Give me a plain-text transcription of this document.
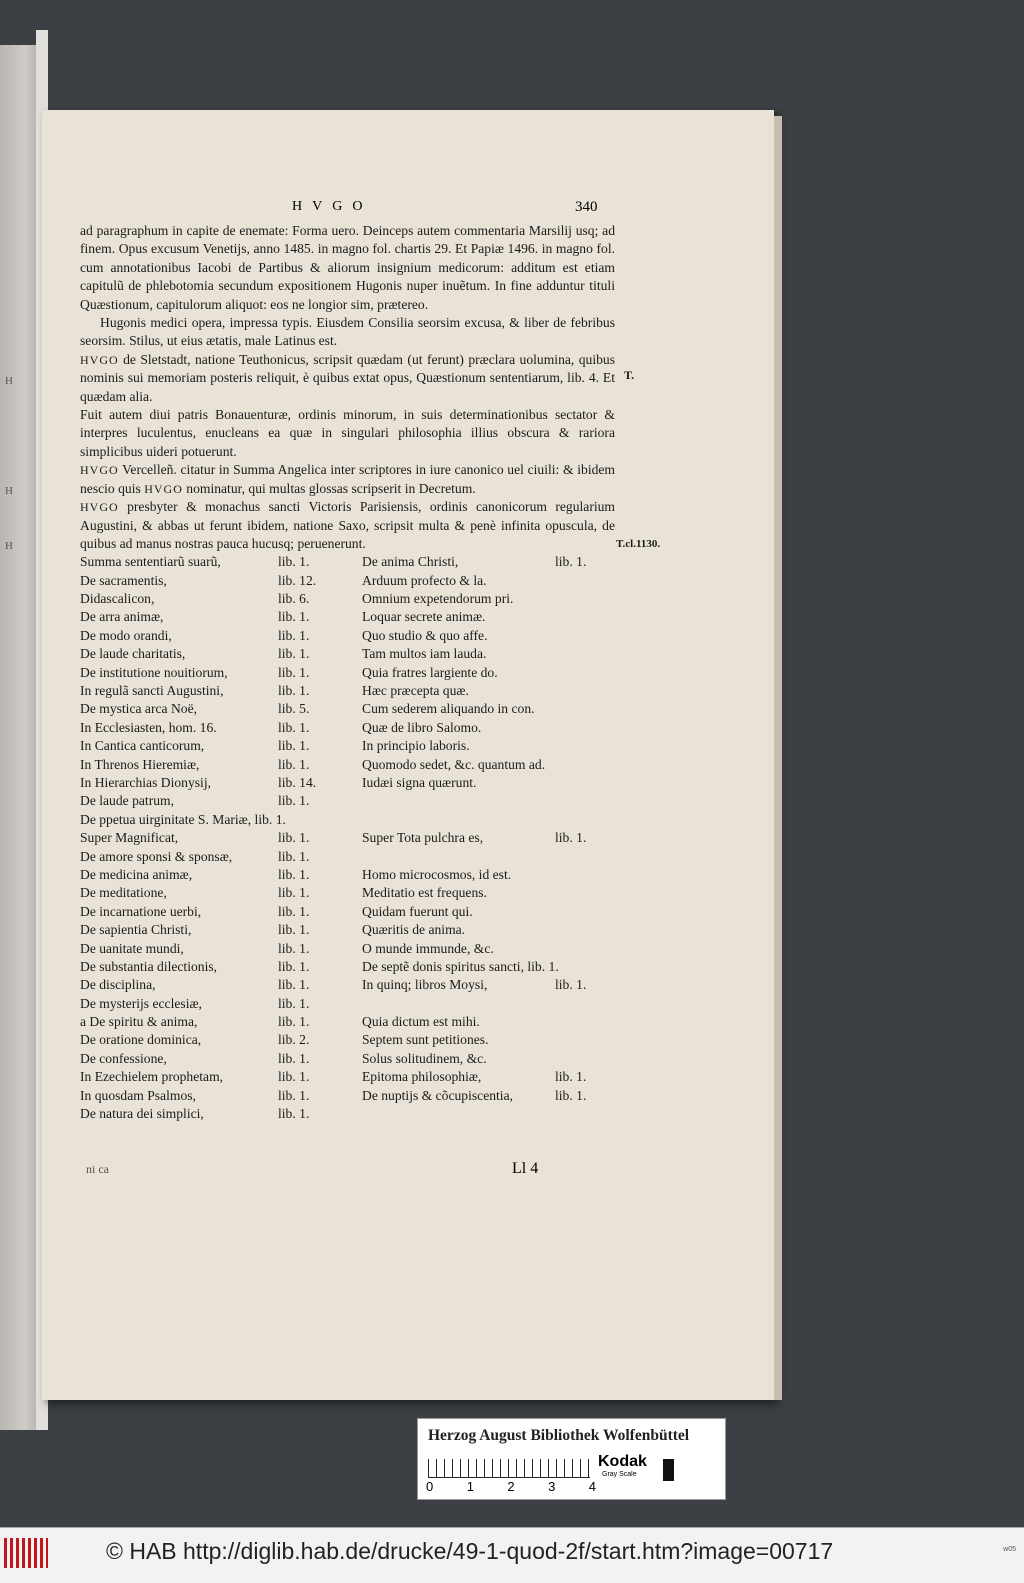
H
H
H
HVGO	340
T.
T.cl.1130.

ad paragraphum in capite de enemate: Forma uero. Deinceps autem commentaria Marsilij usq; ad finem. Opus excusum Venetijs, anno 1485. in magno fol. chartis 29. Et Papiæ 1496. in magno fol. cum annotationibus Iacobi de Partibus & aliorum insignium medicorum: additum est etiam capitulũ de phlebotomia secundum expositionem Hugonis nuper inuẽtum. In fine adduntur tituli Quæstionum, capitulorum aliquot: eos ne longior sim, prætereo.

Hugonis medici opera, impressa typis. Eiusdem Consilia seorsim excusa, & liber de febribus seorsim. Stilus, ut eius ætatis, male Latinus est.

HVGO de Sletstadt, natione Teuthonicus, scripsit quædam (ut ferunt) præclara uolumina, quibus nominis sui memoriam posteris reliquit, è quibus extat opus, Quæstionum sententiarum, lib. 4. Et quædam alia.

Fuit autem diui patris Bonauenturæ, ordinis minorum, in suis determinationibus sectator & interpres luculentus, enucleans ea quæ in singulari philosophia illius obscura & rariora simplicibus uideri potuerunt.

HVGO Vercelleñ. citatur in Summa Angelica inter scriptores in iure canonico uel ciuili: & ibidem nescio quis HVGO nominatur, qui multas glossas scripserit in Decretum.

HVGO presbyter & monachus sancti Victoris Parisiensis, ordinis canonicorum regularium Augustini, & abbas ut ferunt ibidem, natione Saxo, scripsit multa & penè infinita opuscula, de quibus ad manus nostras pauca hucusq; peruenerunt.

Summa sententiarũ suarũ,	lib. 1.	De anima Christi,	lib. 1.
De sacramentis,	lib. 12.	Arduum profecto & la.
Didascalicon,	lib. 6.	Omnium expetendorum pri.
De arra animæ,	lib. 1.	Loquar secrete animæ.
De modo orandi,	lib. 1.	Quo studio & quo affe.
De laude charitatis,	lib. 1.	Tam multos iam lauda.
De institutione nouitiorum,	lib. 1.	Quia fratres largiente do.
In regulã sancti Augustini,	lib. 1.	Hæc præcepta quæ.
De mystica arca Noë,	lib. 5.	Cum sederem aliquando in con.
In Ecclesiasten, hom. 16.	lib. 1.	Quæ de libro Salomo.
In Cantica canticorum,	lib. 1.	In principio laboris.
In Threnos Hieremiæ,	lib. 1.	Quomodo sedet, &c. quantum ad.
In Hierarchias Dionysij,	lib. 14.	Iudæi signa quærunt.
De laude patrum,	lib. 1.
De ppetua uirginitate S. Mariæ, lib. 1.
Super Magnificat,	lib. 1.	Super Tota pulchra es,	lib. 1.
De amore sponsi & sponsæ,	lib. 1.
De medicina animæ,	lib. 1.	Homo microcosmos, id est.
De meditatione,	lib. 1.	Meditatio est frequens.
De incarnatione uerbi,	lib. 1.	Quidam fuerunt qui.
De sapientia Christi,	lib. 1.	Quæritis de anima.
De uanitate mundi,	lib. 1.	O munde immunde, &c.
De substantia dilectionis,	lib. 1.	De septẽ donis spiritus sancti, lib. 1.
De disciplina,	lib. 1.	In quinq; libros Moysi,	lib. 1.
De mysterijs ecclesiæ,	lib. 1.
a De spiritu & anima,	lib. 1.	Quia dictum est mihi.
De oratione dominica,	lib. 2.	Septem sunt petitiones.
De confessione,	lib. 1.	Solus solitudinem, &c.
In Ezechielem prophetam,	lib. 1.	Epitoma philosophiæ,	lib. 1.
In quosdam Psalmos,	lib. 1.	De nuptijs & cõcupiscentia,	lib. 1.
De natura dei simplici,	lib. 1.
ni ca	Ll 4
Herzog August Bibliothek Wolfenbüttel
0	1	2	3	4
Kodak
Gray Scale
© HAB http://diglib.hab.de/drucke/49-1-quod-2f/start.htm?image=00717	w05
